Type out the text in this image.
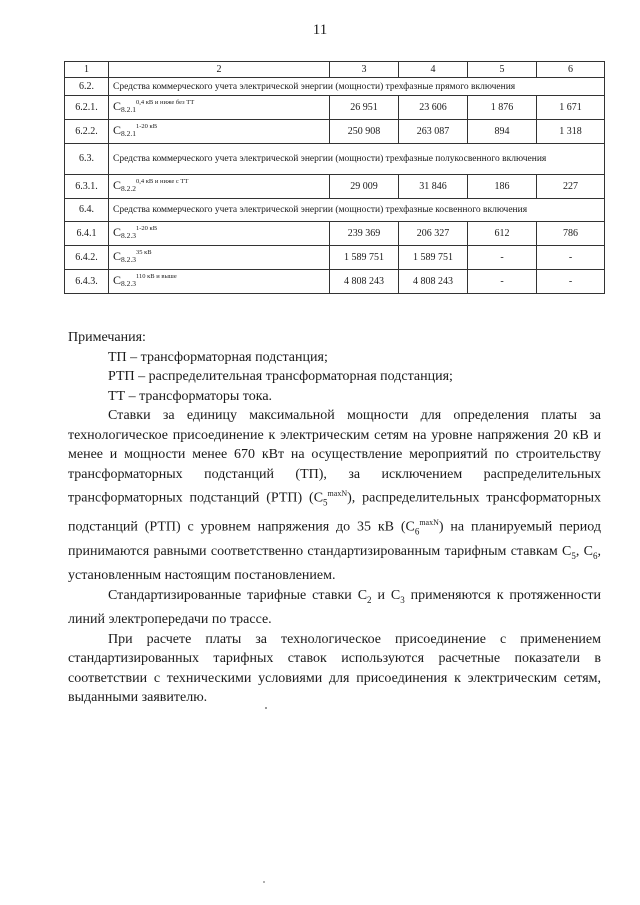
11
1	2	3	4	5	6
6.2.	Средства коммерческого учета электрической энергии (мощности) трехфазные прямого включения				
6.2.1.	$С_{8.2.1}^{0,4 кВ и ниже без ТТ}$	26 951	23 606	1 876	1 671
6.2.2.	$С_{8.2.1}^{1-20 кВ}$	250 908	263 087	894	1 318
6.3.	Средства коммерческого учета электрической энергии (мощности) трехфазные полукосвенного включения				
6.3.1.	$С_{8.2.2}^{0,4 кВ и ниже с ТТ}$	29 009	31 846	186	227
6.4.	Средства коммерческого учета электрической энергии (мощности) трехфазные косвенного включения				
6.4.1	$С_{8.2.3}^{1-20 кВ}$	239 369	206 327	612	786
6.4.2.	$С_{8.2.3}^{35 кВ}$	1 589 751	1 589 751	-	-
6.4.3.	$С_{8.2.3}^{110 кВ и выше}$	4 808 243	4 808 243	-	-

Примечания:

ТП – трансформаторная подстанция;

РТП – распределительная трансформаторная подстанция;

ТТ – трансформаторы тока.

Ставки за единицу максимальной мощности для определения платы за технологическое присоединение к электрическим сетям на уровне напряжения 20 кВ и менее и мощности менее 670 кВт на осуществление мероприятий по строительству трансформаторных подстанций (ТП), за исключением распределительных трансформаторных подстанций (РТП) $(С_5^{maxN})$, распределительных трансформаторных подстанций (РТП) с уровнем напряжения до 35 кВ $(С_6^{maxN})$ на планируемый период принимаются равными соответственно стандартизированным тарифным ставкам $С_5$, $С_6$, установленным настоящим постановлением.

Стандартизированные тарифные ставки $С_2$ и $С_3$ применяются к протяженности линий электропередачи по трассе.

При расчете платы за технологическое присоединение с применением стандартизированных тарифных ставок используются расчетные показатели в соответствии с техническими условиями для присоединения к электрическим сетям, выданными заявителю.
